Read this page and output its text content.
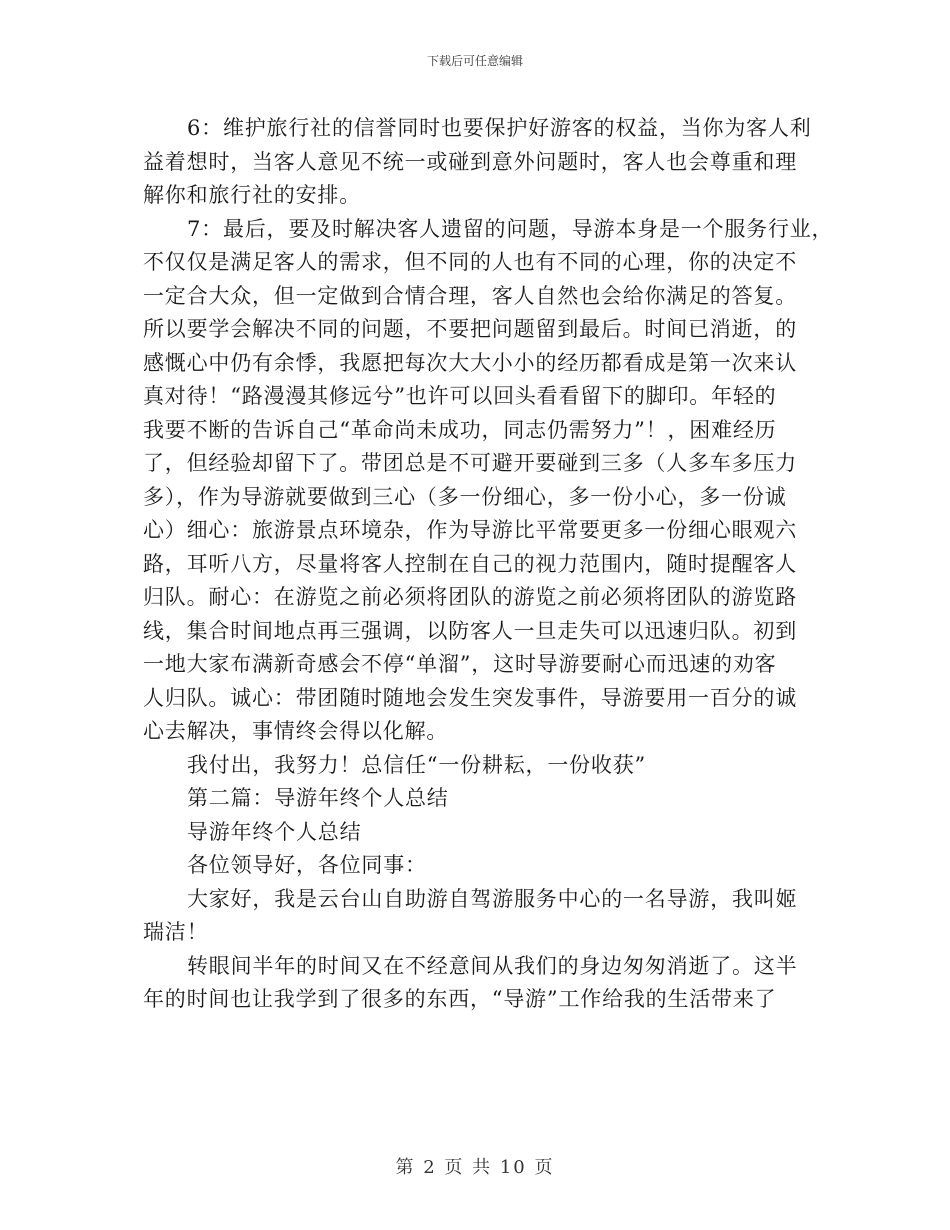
下载后可任意编辑
6：维护旅行社的信誉同时也要保护好游客的权益，当你为客人利
益着想时，当客人意见不统一或碰到意外问题时，客人也会尊重和理
解你和旅行社的安排。
7：最后，要及时解决客人遗留的问题，导游本身是一个服务行业，
不仅仅是满足客人的需求，但不同的人也有不同的心理，你的决定不
一定合大众，但一定做到合情合理，客人自然也会给你满足的答复。
所以要学会解决不同的问题，不要把问题留到最后。时间已消逝，的
感慨心中仍有余悸，我愿把每次大大小小的经历都看成是第一次来认
真对待！“路漫漫其修远兮”也许可以回头看看留下的脚印。年轻的
我要不断的告诉自己“革命尚未成功，同志仍需努力”！，困难经历
了，但经验却留下了。带团总是不可避开要碰到三多（人多车多压力
多），作为导游就要做到三心（多一份细心，多一份小心，多一份诚
心）细心：旅游景点环境杂，作为导游比平常要更多一份细心眼观六
路，耳听八方，尽量将客人控制在自己的视力范围内，随时提醒客人
归队。耐心：在游览之前必须将团队的游览之前必须将团队的游览路
线，集合时间地点再三强调，以防客人一旦走失可以迅速归队。初到
一地大家布满新奇感会不停“单溜”，这时导游要耐心而迅速的劝客
人归队。诚心：带团随时随地会发生突发事件，导游要用一百分的诚
心去解决，事情终会得以化解。
我付出，我努力！总信任“一份耕耘，一份收获”
第二篇：导游年终个人总结
导游年终个人总结
各位领导好，各位同事：
大家好，我是云台山自助游自驾游服务中心的一名导游，我叫姬
瑞洁！
转眼间半年的时间又在不经意间从我们的身边匆匆消逝了。这半
年的时间也让我学到了很多的东西，“导游”工作给我的生活带来了
第 2 页 共 10 页
